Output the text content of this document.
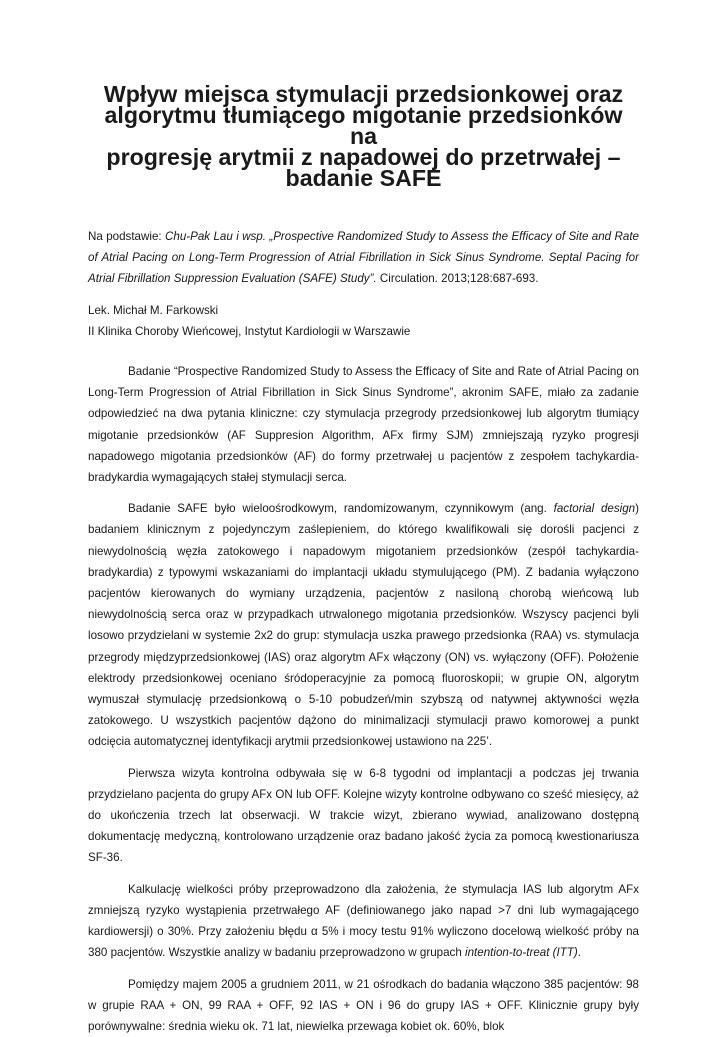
Wpływ miejsca stymulacji przedsionkowej oraz algorytmu tłumiącego migotanie przedsionków na
progresję arytmii z napadowej do przetrwałej – badanie SAFE

Na podstawie: Chu-Pak Lau i wsp. „Prospective Randomized Study to Assess the Efficacy of Site and Rate of Atrial Pacing on Long-Term Progression of Atrial Fibrillation in Sick Sinus Syndrome. Septal Pacing for Atrial Fibrillation Suppression Evaluation (SAFE) Study”. Circulation. 2013;128:687-693.

Lek. Michał M. Farkowski
II Klinika Choroby Wieńcowej, Instytut Kardiologii w Warszawie

Badanie “Prospective Randomized Study to Assess the Efficacy of Site and Rate of Atrial Pacing on Long-Term Progression of Atrial Fibrillation in Sick Sinus Syndrome”, akronim SAFE, miało za zadanie odpowiedzieć na dwa pytania kliniczne: czy stymulacja przegrody przedsionkowej lub algorytm tłumiący migotanie przedsionków (AF Suppresion Algorithm, AFx firmy SJM) zmniejszają ryzyko progresji napadowego migotania przedsionków (AF) do formy przetrwałej u pacjentów z zespołem tachykardia-bradykardia wymagających stałej stymulacji serca.

Badanie SAFE było wieloośrodkowym, randomizowanym, czynnikowym (ang. factorial design) badaniem klinicznym z pojedynczym zaślepieniem, do którego kwalifikowali się dorośli pacjenci z niewydolnością węzła zatokowego i napadowym migotaniem przedsionków (zespół tachykardia-bradykardia) z typowymi wskazaniami do implantacji układu stymulującego (PM). Z badania wyłączono pacjentów kierowanych do wymiany urządzenia, pacjentów z nasiloną chorobą wieńcową lub niewydolnością serca oraz w przypadkach utrwalonego migotania przedsionków. Wszyscy pacjenci byli losowo przydzielani w systemie 2x2 do grup: stymulacja uszka prawego przedsionka (RAA) vs. stymulacja przegrody międzyprzedsionkowej (IAS) oraz algorytm AFx włączony (ON) vs. wyłączony (OFF). Położenie elektrody przedsionkowej oceniano śródoperacyjnie za pomocą fluoroskopii; w grupie ON, algorytm wymuszał stymulację przedsionkową o 5-10 pobudzeń/min szybszą od natywnej aktywności węzła zatokowego. U wszystkich pacjentów dążono do minimalizacji stymulacji prawo komorowej a punkt odcięcia automatycznej identyfikacji arytmii przedsionkowej ustawiono na 225’.

Pierwsza wizyta kontrolna odbywała się w 6-8 tygodni od implantacji a podczas jej trwania przydzielano pacjenta do grupy AFx ON lub OFF. Kolejne wizyty kontrolne odbywano co sześć miesięcy, aż do ukończenia trzech lat obserwacji. W trakcie wizyt, zbierano wywiad, analizowano dostępną dokumentację medyczną, kontrolowano urządzenie oraz badano jakość życia za pomocą kwestionariusza SF-36.

Kalkulację wielkości próby przeprowadzono dla założenia, że stymulacja IAS lub algorytm AFx zmniejszą ryzyko wystąpienia przetrwałego AF (definiowanego jako napad >7 dni lub wymagającego kardiowersji) o 30%. Przy założeniu błędu α 5% i mocy testu 91% wyliczono docelową wielkość próby na 380 pacjentów. Wszystkie analizy w badaniu przeprowadzono w grupach intention-to-treat (ITT).

Pomiędzy majem 2005 a grudniem 2011, w 21 ośrodkach do badania włączono 385 pacjentów: 98 w grupie RAA + ON, 99 RAA + OFF, 92 IAS + ON i 96 do grupy IAS + OFF. Klinicznie grupy były porównywalne: średnia wieku ok. 71 lat, niewielka przewaga kobiet ok. 60%, blok
